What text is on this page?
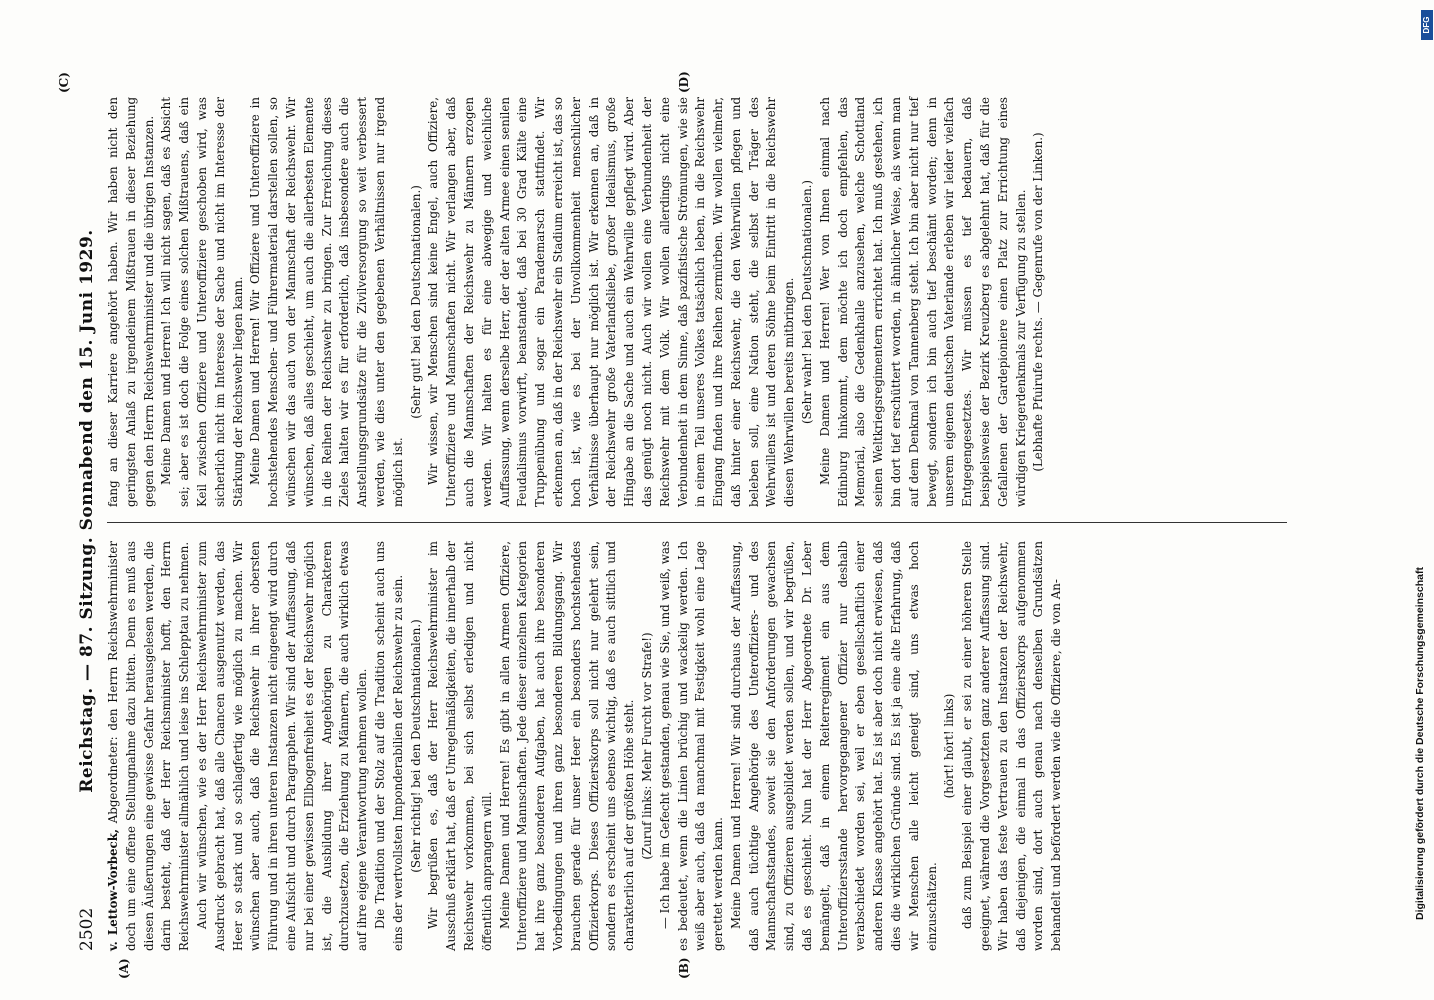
2502
Reichstag. — 87. Sitzung. Sonnabend den 15. Juni 1929.

v. Lettow-Vorbeck, Abgeordneter: den Herrn Reichswehrminister doch um eine offene Stellungnahme dazu bitten. Denn es muß aus diesen Äußerungen eine gewisse Gefahr herausgelesen werden, die darin besteht, daß der Herr Reichsminister hofft, den Herrn Reichswehrminister allmählich und leise ins Schlepptau zu nehmen. Auch wir wünschen, wie es der Herr Reichswehrminister zum Ausdruck gebracht hat, daß alle Chancen ausgenutzt werden, das Heer so stark und so schlagfertig wie möglich zu machen. Wir wünschen aber auch, daß die Reichswehr in ihrer obersten Führung und in ihren unteren Instanzen nicht eingeengt wird durch eine Aufsicht und durch Paragraphen. Wir sind der Auffassung, daß nur bei einer gewissen Ellbogenfreiheit es der Reichswehr möglich ist, die Ausbildung ihrer Angehörigen zu Charakteren durchzusetzen, die Erziehung zu Männern, die auch wirklich etwas auf ihre eigene Verantwortung nehmen wollen. Die Tradition und der Stolz auf die Tradition scheint auch uns eins der wertvollsten Imponderabilien der Reichswehr zu sein. (Sehr richtig! bei den Deutschnationalen.) Wir begrüßen es, daß der Herr Reichswehrminister im Ausschuß erklärt hat, daß er Unregelmäßigkeiten, die innerhalb der Reichswehr vorkommen, bei sich selbst erledigen und nicht öffentlich anprangern will. Meine Damen und Herren! Es gibt in allen Armeen Offiziere, Unteroffiziere und Mannschaften. Jede dieser einzelnen Kategorien hat ihre ganz besonderen Aufgaben, hat auch ihre besonderen Vorbedingungen und ihren ganz besonderen Bildungsgang. Wir brauchen gerade für unser Heer ein besonders hochstehendes Offizierkorps. Dieses Offizierskorps soll nicht nur gelehrt sein, sondern es erscheint uns ebenso wichtig, daß es auch sittlich und charakterlich auf der größten Höhe steht. (Zuruf links: Mehr Furcht vor Strafe!) — Ich habe im Gefecht gestanden, genau wie Sie, und weiß, was es bedeutet, wenn die Linien brüchig und wackelig werden. Ich weiß aber auch, daß da manchmal mit Festigkeit wohl eine Lage gerettet werden kann. Meine Damen und Herren! Wir sind durchaus der Auffassung, daß auch tüchtige Angehörige des Unteroffiziers- und des Mannschaftsstandes, soweit sie den Anforderungen gewachsen sind, zu Offizieren ausgebildet werden sollen, und wir begrüßen, daß es geschieht. Nun hat der Herr Abgeordnete Dr. Leber bemängelt, daß in einem Reiterregiment ein aus dem Unteroffiziersstande hervorgegangener Offizier nur deshalb verabschiedet worden sei, weil er eben gesellschaftlich einer anderen Klasse angehört hat. Es ist aber doch nicht erwiesen, daß dies die wirklichen Gründe sind. Es ist ja eine alte Erfahrung, daß wir Menschen alle leicht geneigt sind, uns etwas hoch einzuschätzen.

(hört! hört! links) daß zum Beispiel einer glaubt, er sei zu einer höheren Stelle geeignet, während die Vorgesetzten ganz anderer Auffassung sind. Wir haben das feste Vertrauen zu den Instanzen der Reichswehr, daß diejenigen, die einmal in das Offizierskorps aufgenommen worden sind, dort auch genau nach denselben Grundsätzen behandelt und befördert werden wie die Offiziere, die von An-

fang an dieser Karriere angehört haben. Wir haben nicht den geringsten Anlaß zu irgendeinem Mißtrauen in dieser Beziehung gegen den Herrn Reichswehrminister und die übrigen Instanzen. Meine Damen und Herren! Ich will nicht sagen, daß es Absicht sei; aber es ist doch die Folge eines solchen Mißtrauens, daß ein Keil zwischen Offiziere und Unteroffiziere geschoben wird, was sicherlich nicht im Interesse der Sache und nicht im Interesse der Stärkung der Reichswehr liegen kann. Meine Damen und Herren! Wir Offiziere und Unteroffiziere in hochstehendes Menschen- und Führermaterial darstellen sollen, so wünschen wir das auch von der Mannschaft der Reichswehr. Wir wünschen, daß alles geschieht, um auch die allerbesten Elemente in die Reihen der Reichswehr zu bringen. Zur Erreichung dieses Zieles halten wir es für erforderlich, daß insbesondere auch die Anstellungsgrundsätze für die Zivilversorgung so weit verbessert werden, wie dies unter den gegebenen Verhältnissen nur irgend möglich ist.

(Sehr gut! bei den Deutschnationalen.) Wir wissen, wir Menschen sind keine Engel, auch Offiziere, Unteroffiziere und Mannschaften nicht. Wir verlangen aber, daß auch die Mannschaften der Reichswehr zu Männern erzogen werden. Wir halten es für eine abwegige und weichliche Auffassung, wenn derselbe Herr, der der alten Armee einen senilen Feudalismus vorwirft, beanstandet, daß bei 30 Grad Kälte eine Truppenübung und sogar ein Parademarsch stattfindet. Wir erkennen an, daß in der Reichswehr ein Stadium erreicht ist, das so hoch ist, wie es bei der Unvollkommenheit menschlicher Verhältnisse überhaupt nur möglich ist. Wir erkennen an, daß in der Reichswehr große Vaterlandsliebe, großer Idealismus, große Hingabe an die Sache und auch ein Wehrwille gepflegt wird. Aber das genügt noch nicht. Auch wir wollen eine Verbundenheit der Reichswehr mit dem Volk. Wir wollen allerdings nicht eine Verbundenheit in dem Sinne, daß pazifistische Strömungen, wie sie in einem Teil unseres Volkes tatsächlich leben, in die Reichswehr Eingang finden und ihre Reihen zermürben. Wir wollen vielmehr, daß hinter einer Reichswehr, die den Wehrwillen pflegen und beleben soll, eine Nation steht, die selbst der Träger des Wehrwillens ist und deren Söhne beim Eintritt in die Reichswehr diesen Wehrwillen bereits mitbringen. (Sehr wahr! bei den Deutschnationalen.) Meine Damen und Herren! Wer von Ihnen einmal nach Edinburg hinkommt, dem möchte ich doch empfehlen, das Memorial, also die Gedenkhalle anzusehen, welche Schottland seinen Weltkriegsregimentern errichtet hat. Ich muß gestehen, ich bin dort tief erschüttert worden, in ähnlicher Weise, als wenn man auf dem Denkmal von Tannenberg steht. Ich bin aber nicht nur tief bewegt, sondern ich bin auch tief beschämt worden; denn in unserem eigenen deutschen Vaterlande erleben wir leider vielfach Entgegengesetztes. Wir müssen es tief bedauern, daß beispielsweise der Bezirk Kreuzberg es abgelehnt hat, daß für die Gefallenen der Gardepioniere einen Platz zur Errichtung eines würdigen Kriegerdenkmals zur Verfügung zu stellen. (Lebhafte Pfuirufe rechts. — Gegenrufe von der Linken.)

(A)	(B)
(C)	(D)
Digitalisierung gefördert durch die Deutsche Forschungsgemeinschaft
DFG
